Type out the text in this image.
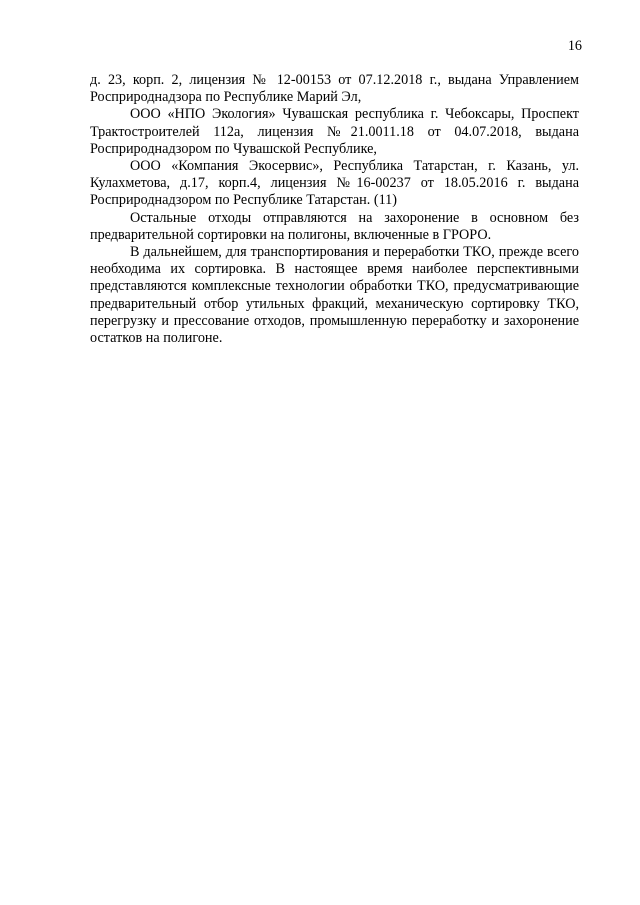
16

д. 23, корп. 2, лицензия № 12-00153 от 07.12.2018 г., выдана Управлением Росприроднадзора по Республике Марий Эл,

ООО «НПО Экология» Чувашская республика г. Чебоксары, Проспект Трактостроителей 112а, лицензия №21.0011.18 от 04.07.2018, выдана Росприроднадзором по Чувашской Республике,

ООО «Компания Экосервис», Республика Татарстан, г. Казань, ул. Кулахметова, д.17, корп.4, лицензия №16-00237 от 18.05.2016 г. выдана Росприроднадзором по Республике Татарстан. (11)

Остальные отходы отправляются на захоронение в основном без предварительной сортировки на полигоны, включенные в ГРОРО.

В дальнейшем, для транспортирования и переработки ТКО, прежде всего необходима их сортировка. В настоящее время наиболее перспективными представляются комплексные технологии обработки ТКО, предусматривающие предварительный отбор утильных фракций, механическую сортировку ТКО, перегрузку и прессование отходов, промышленную переработку и захоронение остатков на полигоне.
